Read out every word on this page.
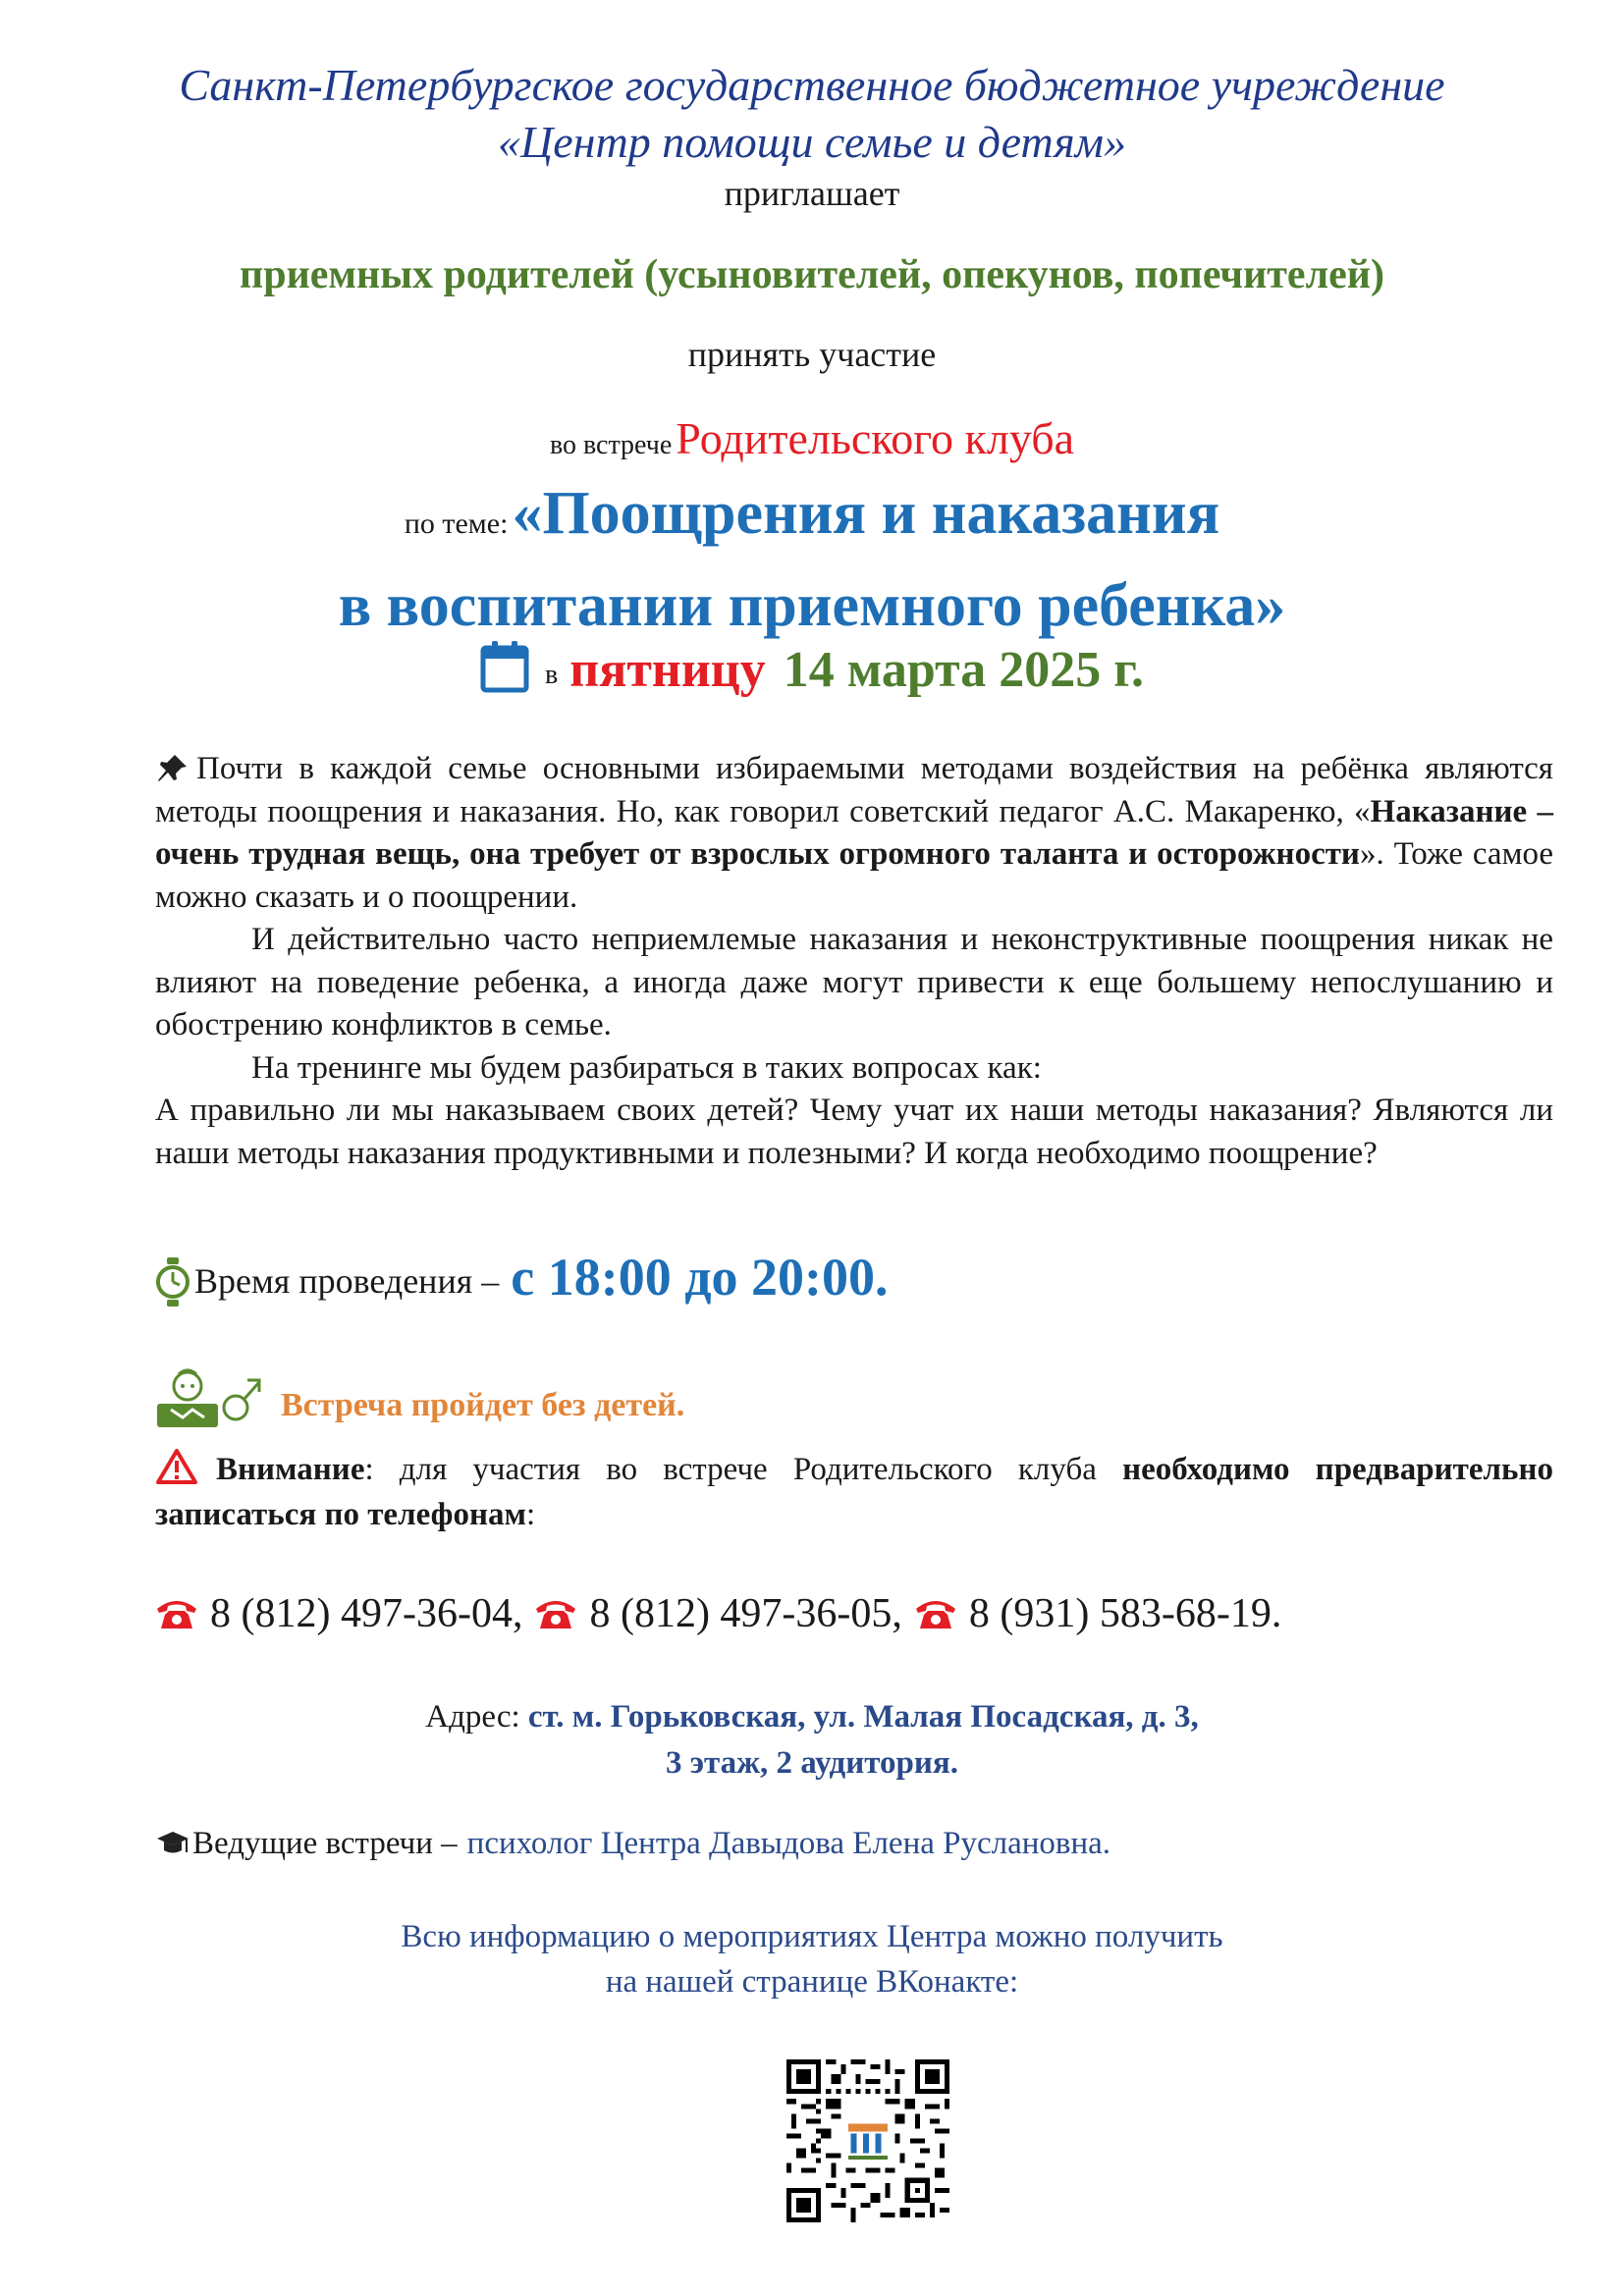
Санкт-Петербургское государственное бюджетное учреждение
«Центр помощи семье и детям»
приглашает
приемных родителей (усыновителей, опекунов, попечителей)
принять участие
во встрече Родительского клуба
по теме: «Поощрения и наказания
в воспитании приемного ребенка»
в пятницу 14 марта 2025 г.

Почти в каждой семье основными избираемыми методами воздействия на ребёнка являются методы поощрения и наказания. Но, как говорил советский педагог А.С. Макаренко, «Наказание – очень трудная вещь, она требует от взрослых огромного таланта и осторожности». Тоже самое можно сказать и о поощрении.

И действительно часто неприемлемые наказания и неконструктивные поощрения никак не влияют на поведение ребенка, а иногда даже могут привести к еще большему непослушанию и обострению конфликтов в семье.

На тренинге мы будем разбираться в таких вопросах как:

А правильно ли мы наказываем своих детей? Чему учат их наши методы наказания? Являются ли наши методы наказания продуктивными и полезными? И когда необходимо поощрение?

Время проведения – с 18:00 до 20:00.
Встреча пройдет без детей.
Внимание: для участия во встрече Родительского клуба необходимо предварительно записаться по телефонам:
8 (812) 497-36-04, 8 (812) 497-36-05, 8 (931) 583-68-19.
Адрес: ст. м. Горьковская, ул. Малая Посадская, д. 3,
3 этаж, 2 аудитория.
Ведущие встречи – психолог Центра Давыдова Елена Руслановна.
Всю информацию о мероприятиях Центра можно получить
на нашей странице ВКонакте:
